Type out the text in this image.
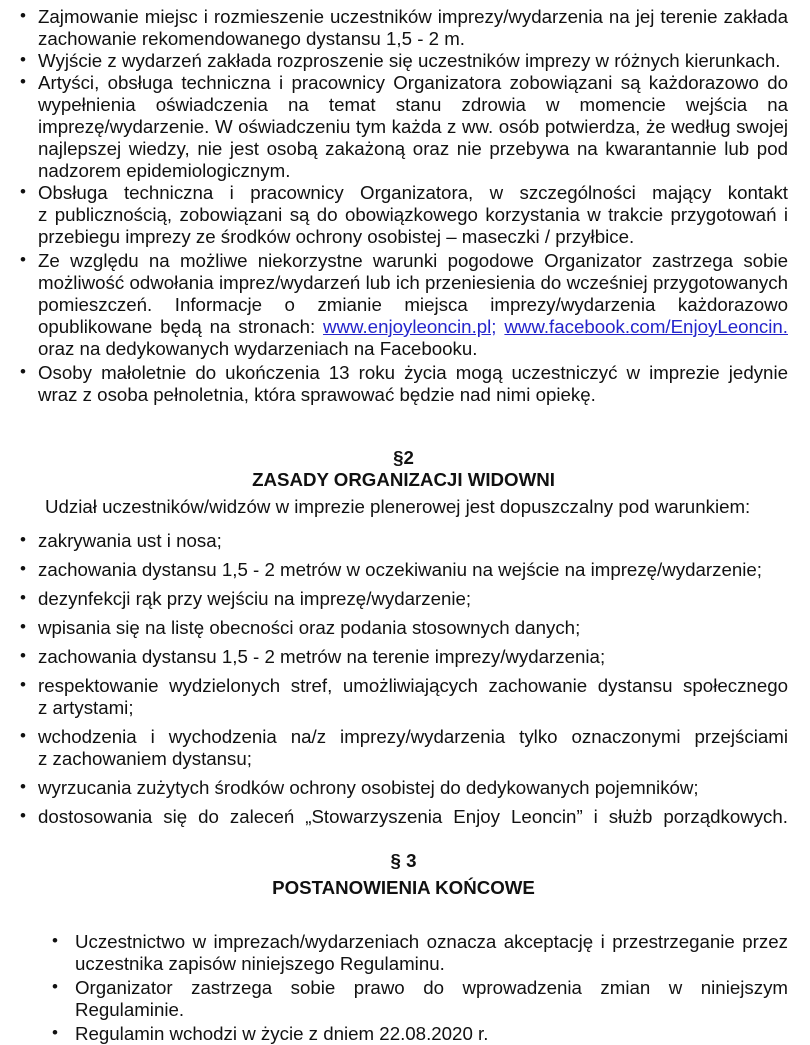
• Zajmowanie miejsc i rozmieszenie uczestników imprezy/wydarzenia na jej terenie zakłada zachowanie rekomendowanego dystansu 1,5 - 2 m.

• Wyjście z wydarzeń zakłada rozproszenie się uczestników imprezy w różnych kierunkach.

• Artyści, obsługa techniczna i pracownicy Organizatora zobowiązani są każdorazowo do wypełnienia oświadczenia na temat stanu zdrowia w momencie wejścia na imprezę/wydarzenie. W oświadczeniu tym każda z ww. osób potwierdza, że według swojej najlepszej wiedzy, nie jest osobą zakażoną oraz nie przebywa na kwarantannie lub pod nadzorem epidemiologicznym.

• Obsługa techniczna i pracownicy Organizatora, w szczególności mający kontakt z publicznością, zobowiązani są do obowiązkowego korzystania w trakcie przygotowań i przebiegu imprezy ze środków ochrony osobistej – maseczki / przyłbice.

• Ze względu na możliwe niekorzystne warunki pogodowe Organizator zastrzega sobie możliwość odwołania imprez/wydarzeń lub ich przeniesienia do wcześniej przygotowanych pomieszczeń. Informacje o zmianie miejsca imprezy/wydarzenia każdorazowo opublikowane będą na stronach: www.enjoyleoncin.pl; www.facebook.com/EnjoyLeoncin. oraz na dedykowanych wydarzeniach na Facebooku.

• Osoby małoletnie do ukończenia 13 roku życia mogą uczestniczyć w imprezie jedynie wraz z osoba pełnoletnia, która sprawować będzie nad nimi opiekę.

§2
ZASADY ORGANIZACJI WIDOWNI

Udział uczestników/widzów w imprezie plenerowej jest dopuszczalny pod warunkiem:

• zakrywania ust i nosa;

• zachowania dystansu 1,5 - 2 metrów w oczekiwaniu na wejście na imprezę/wydarzenie;

• dezynfekcji rąk przy wejściu na imprezę/wydarzenie;

• wpisania się na listę obecności oraz podania stosownych danych;

• zachowania dystansu 1,5 - 2 metrów na terenie imprezy/wydarzenia;

• respektowanie wydzielonych stref, umożliwiających zachowanie dystansu społecznego z artystami;

• wchodzenia i wychodzenia na/z imprezy/wydarzenia tylko oznaczonymi przejściami z zachowaniem dystansu;

• wyrzucania zużytych środków ochrony osobistej do dedykowanych pojemników;

• dostosowania się do zaleceń „Stowarzyszenia Enjoy Leoncin” i służb porządkowych.

§ 3
POSTANOWIENIA KOŃCOWE

• Uczestnictwo w imprezach/wydarzeniach oznacza akceptację i przestrzeganie przez uczestnika zapisów niniejszego Regulaminu.

• Organizator zastrzega sobie prawo do wprowadzenia zmian w niniejszym Regulaminie.

• Regulamin wchodzi w życie z dniem 22.08.2020 r.
